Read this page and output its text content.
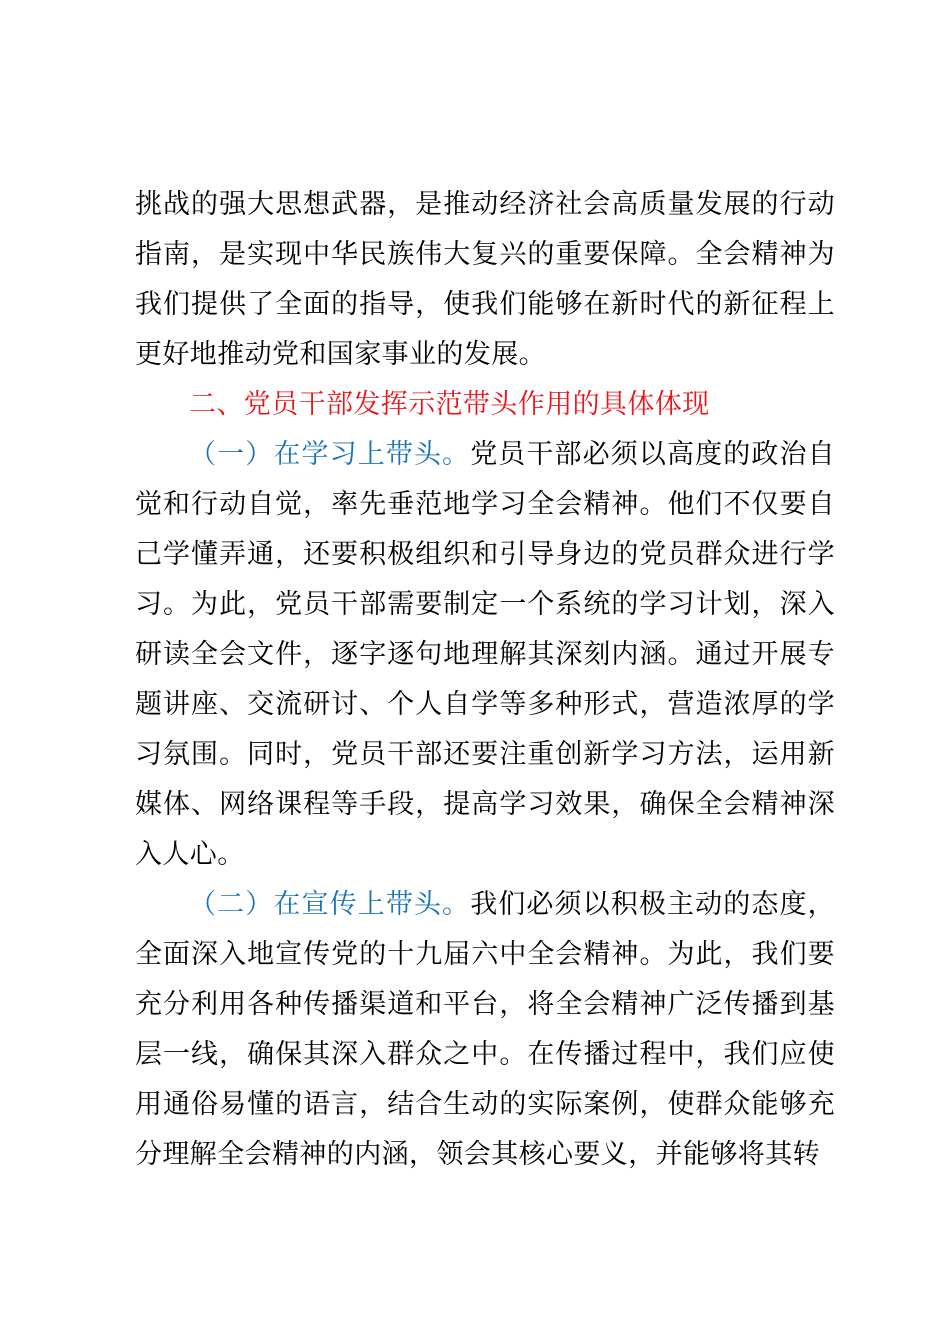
挑战的强大思想武器，是推动经济社会高质量发展的行动指南，是实现中华民族伟大复兴的重要保障。全会精神为我们提供了全面的指导，使我们能够在新时代的新征程上更好地推动党和国家事业的发展。

二、党员干部发挥示范带头作用的具体体现

（一）在学习上带头。党员干部必须以高度的政治自觉和行动自觉，率先垂范地学习全会精神。他们不仅要自己学懂弄通，还要积极组织和引导身边的党员群众进行学习。为此，党员干部需要制定一个系统的学习计划，深入研读全会文件，逐字逐句地理解其深刻内涵。通过开展专题讲座、交流研讨、个人自学等多种形式，营造浓厚的学习氛围。同时，党员干部还要注重创新学习方法，运用新媒体、网络课程等手段，提高学习效果，确保全会精神深入人心。

（二）在宣传上带头。我们必须以积极主动的态度，全面深入地宣传党的十九届六中全会精神。为此，我们要充分利用各种传播渠道和平台，将全会精神广泛传播到基层一线，确保其深入群众之中。在传播过程中，我们应使用通俗易懂的语言，结合生动的实际案例，使群众能够充分理解全会精神的内涵，领会其核心要义，并能够将其转
